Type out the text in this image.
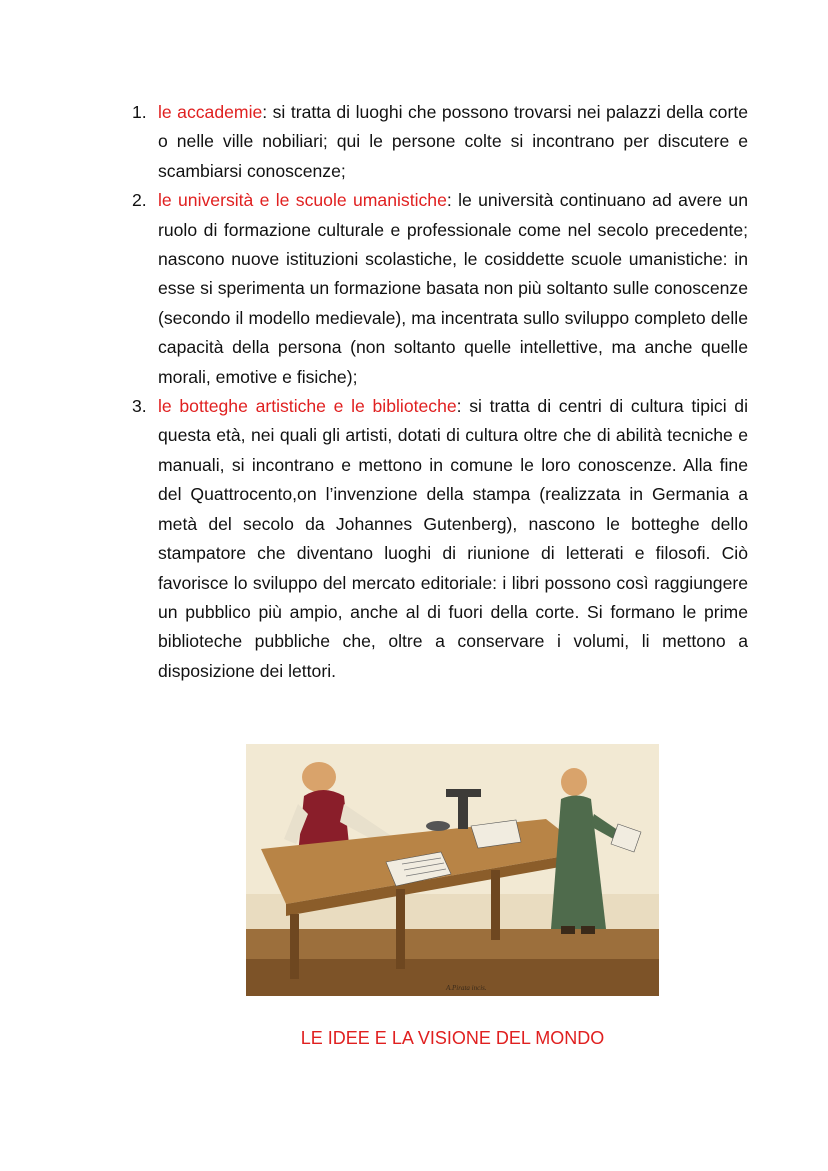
1. le accademie: si tratta di luoghi che possono trovarsi nei palazzi della corte o nelle ville nobiliari; qui le persone colte si incontrano per discutere e scambiarsi conoscenze;
2. le università e le scuole umanistiche: le università continuano ad avere un ruolo di formazione culturale e professionale come nel secolo precedente; nascono nuove istituzioni scolastiche, le cosiddette scuole umanistiche: in esse si sperimenta un formazione basata non più soltanto sulle conoscenze (secondo il modello medievale), ma incentrata sullo sviluppo completo delle capacità della persona (non soltanto quelle intellettive, ma anche quelle morali, emotive e fisiche);
3. le botteghe artistiche e le biblioteche: si tratta di centri di cultura tipici di questa età, nei quali gli artisti, dotati di cultura oltre che di abilità tecniche e manuali, si incontrano e mettono in comune le loro conoscenze. Alla fine del Quattrocento,on l’invenzione della stampa (realizzata in Germania a metà del secolo da Johannes Gutenberg), nascono le botteghe dello stampatore che diventano luoghi di riunione di letterati e filosofi. Ciò favorisce lo sviluppo del mercato editoriale: i libri possono così raggiungere un pubblico più ampio, anche al di fuori della corte. Si formano le prime biblioteche pubbliche che, oltre a conservare i volumi, li mettono a disposizione dei lettori.
A.Pirata incis.
LE IDEE E LA VISIONE DEL MONDO
